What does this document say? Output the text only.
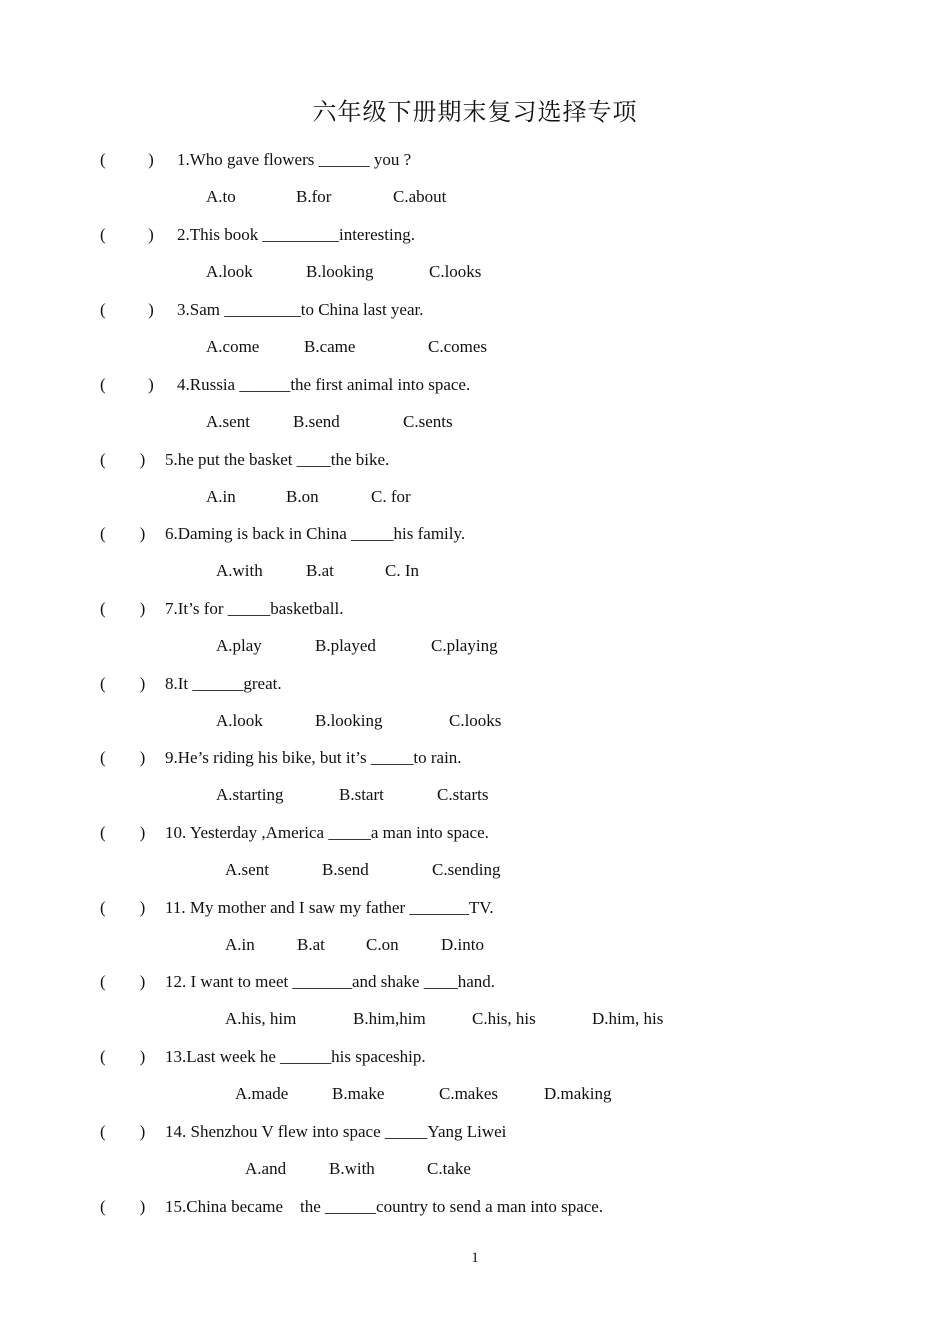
六年级下册期末复习选择专项
(          ) 1.Who gave flowers ______ you ?
A.to	B.for	C.about
(          ) 2.This book _________interesting.
A.look	B.looking	C.looks
(          ) 3.Sam _________to China last year.
A.come	B.came	C.comes
(          ) 4.Russia ______the first animal into space.
A.sent	B.send	C.sents
(        ) 5.he put the basket ____the bike.
A.in	B.on	C. for
(        ) 6.Daming is back in China _____his family.
A.with	B.at	C. In
(        ) 7.It’s for _____basketball.
A.play	B.played	C.playing
(        ) 8.It ______great.
A.look	B.looking	C.looks
(        ) 9.He’s riding his bike, but it’s _____to rain.
A.starting	B.start	C.starts
(        ) 10. Yesterday ,America _____a man into space.
A.sent	B.send	C.sending
(        ) 11. My mother and I saw my father _______TV.
A.in B.at C.on D.into
(        ) 12. I want to meet _______and shake ____hand.
A.his, him	B.him,him	C.his, his	D.him, his
(        ) 13.Last week he ______his spaceship.
A.made	B.make	C.makes	D.making
(        ) 14. Shenzhou V flew into space _____Yang Liwei
A.and	B.with	C.take
(        ) 15.China became    the ______country to send a man into space.
1
